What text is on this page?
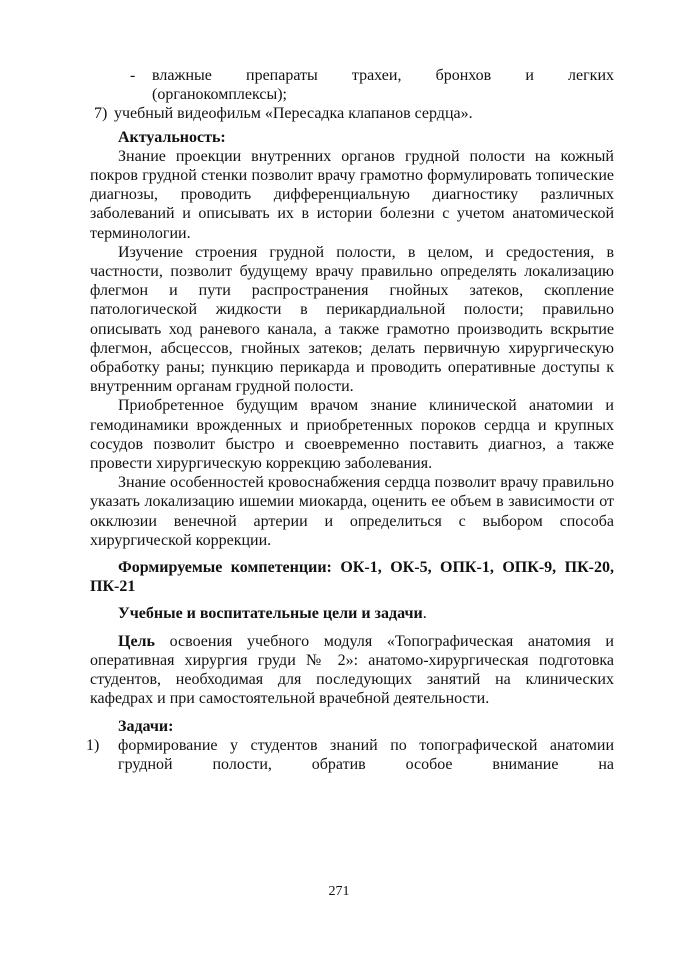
-	влажные препараты трахеи, бронхов и легких
(органокомплексы);
7) учебный видеофильм «Пересадка клапанов сердца».

Актуальность:

Знание проекции внутренних органов грудной полости на кожный покров грудной стенки позволит врачу грамотно формулировать топические диагнозы, проводить дифференциальную диагностику различных заболеваний и описывать их в истории болезни с учетом анатомической терминологии.

Изучение строения грудной полости, в целом, и средостения, в частности, позволит будущему врачу правильно определять локализацию флегмон и пути распространения гнойных затеков, скопление патологической жидкости в перикардиальной полости; правильно описывать ход раневого канала, а также грамотно производить вскрытие флегмон, абсцессов, гнойных затеков; делать первичную хирургическую обработку раны; пункцию перикарда и проводить оперативные доступы к внутренним органам грудной полости.

Приобретенное будущим врачом знание клинической анатомии и гемодинамики врожденных и приобретенных пороков сердца и крупных сосудов позволит быстро и своевременно поставить диагноз, а также провести хирургическую коррекцию заболевания.

Знание особенностей кровоснабжения сердца позволит врачу правильно указать локализацию ишемии миокарда, оценить ее объем в зависимости от окклюзии венечной артерии и определиться с выбором способа хирургической коррекции.

Формируемые компетенции: ОК-1, ОК-5, ОПК-1, ОПК-9, ПК-20, ПК-21

Учебные и воспитательные цели и задачи.

Цель освоения учебного модуля «Топографическая анатомия и оперативная хирургия груди № 2»: анатомо-хирургическая подготовка студентов, необходимая для последующих занятий на клинических кафедрах и при самостоятельной врачебной деятельности.

Задачи:

1)	формирование у студентов знаний по топографической анатомии грудной полости, обратив особое внимание на
271
